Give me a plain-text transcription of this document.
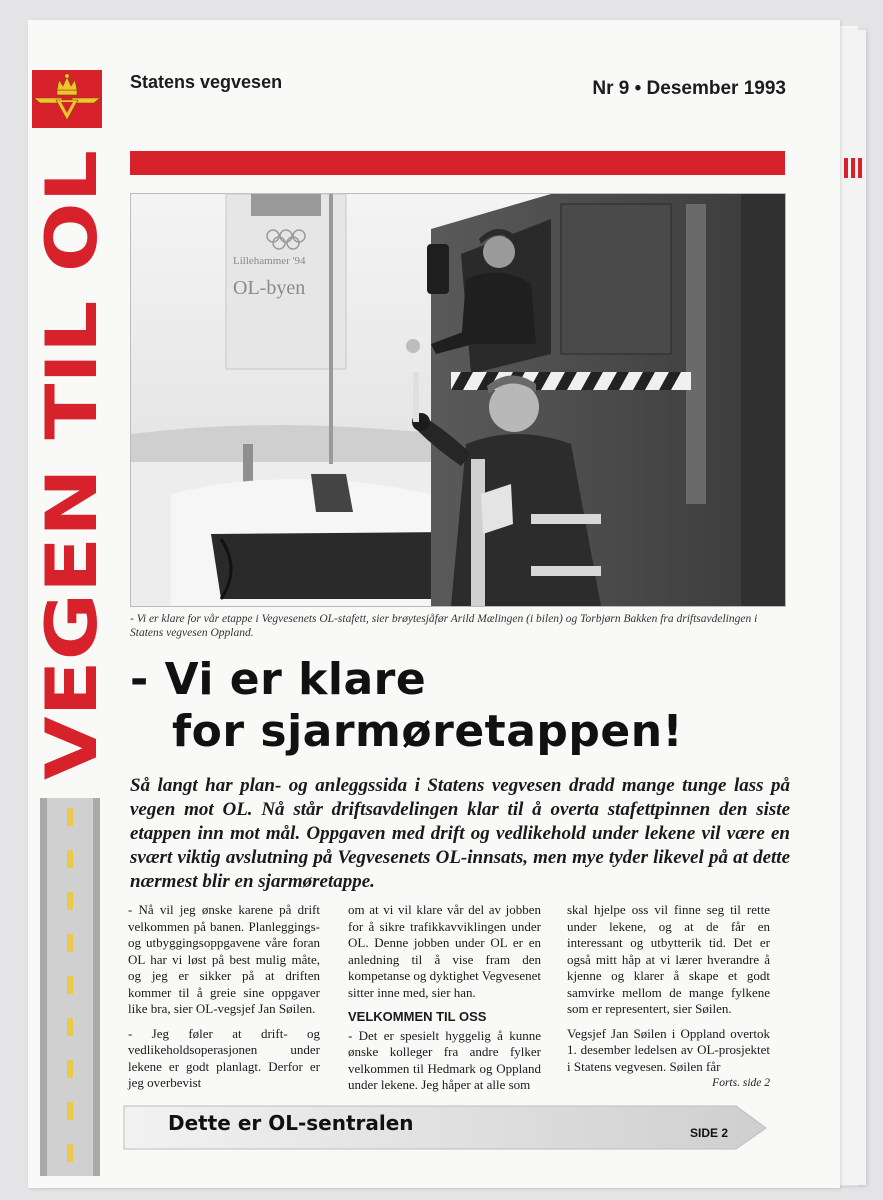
Statens vegvesen	Nr 9 • Desember 1993
VEGEN TIL OL	Lillehammer '94
OL-byen
- Vi er klare for vår etappe i Vegvesenets OL-stafett, sier brøytesjåfør Arild Mælingen (i bilen) og Torbjørn Bakken fra driftsavdelingen i Statens vegvesen Oppland.
- Vi er klare
for sjarmøretappen!
Så langt har plan- og anleggssida i Statens vegvesen dradd mange tunge lass på vegen mot OL. Nå står driftsavdelingen klar til å overta stafettpinnen den siste etappen inn mot mål. Oppgaven med drift og vedlikehold under lekene vil være en svært viktig avslutning på Vegvesenets OL-innsats, men mye tyder likevel på at dette nærmest blir en sjarmøretappe.

- Nå vil jeg ønske karene på drift velkommen på banen. Planleggings- og utbyggingsoppgavene våre foran OL har vi løst på best mulig måte, og jeg er sikker på at driften kommer til å greie sine oppgaver like bra, sier OL-vegsjef Jan Søilen.

- Jeg føler at drift- og vedlikeholdsoperasjonen under lekene er godt planlagt. Derfor er jeg overbevist

om at vi vil klare vår del av jobben for å sikre trafikkavviklingen under OL. Denne jobben under OL er en anledning til å vise fram den kompetanse og dyktighet Vegvesenet sitter inne med, sier han.

VELKOMMEN TIL OSS

- Det er spesielt hyggelig å kunne ønske kolleger fra andre fylker velkommen til Hedmark og Oppland under lekene. Jeg håper at alle som

skal hjelpe oss vil finne seg til rette under lekene, og at de får en interessant og utbytterik tid. Det er også mitt håp at vi lærer hverandre å kjenne og klarer å skape et godt samvirke mellom de mange fylkene som er representert, sier Søilen.

Vegsjef Jan Søilen i Oppland overtok 1. desember ledelsen av OL-prosjektet i Statens vegvesen. Søilen får

Forts. side 2

Dette er OL-sentralen	SIDE 2
